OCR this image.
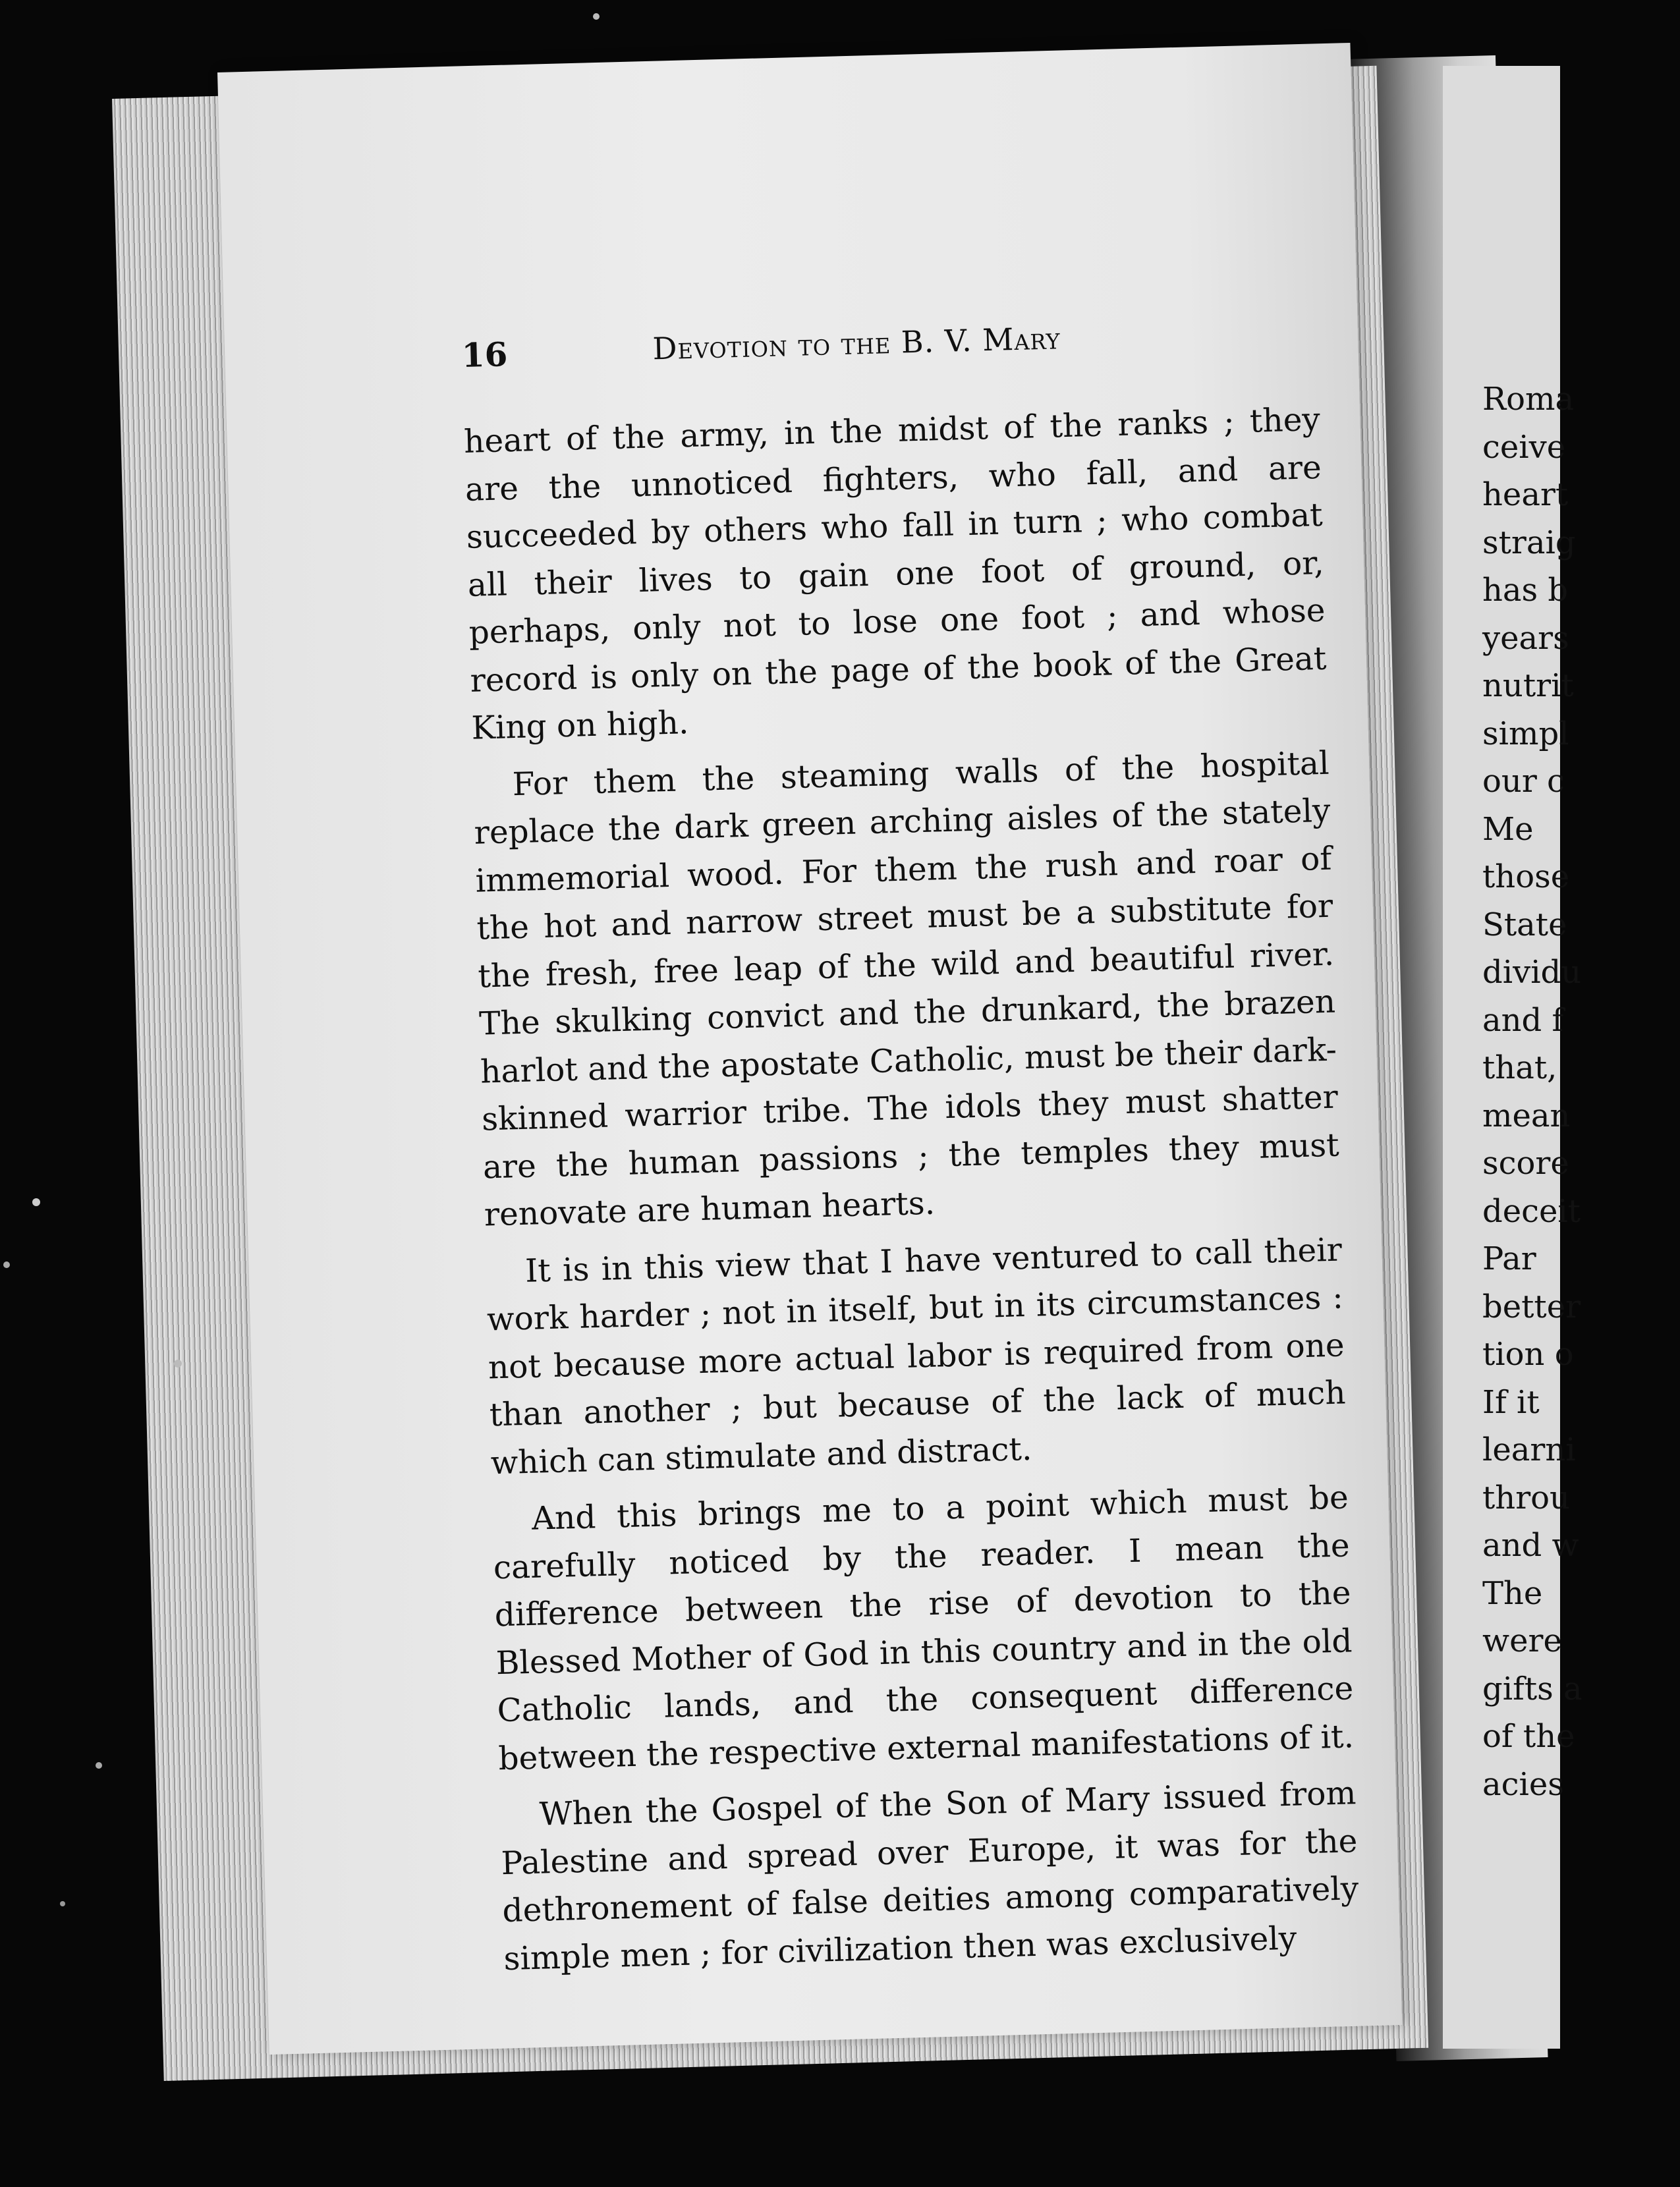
Roma
ceive
heart
straig
has b
years
nutrit
simpl
our c
Me
those
State
dividu
and f
that,
mean
score
deceit
Par
better
tion o
If it
learni
throu
and w
The
were
gifts a
of the
acies
16	Devotion to the B. V. Mary

heart of the army, in the midst of the ranks ; they are the unnoticed fighters, who fall, and are succeeded by others who fall in turn ; who combat all their lives to gain one foot of ground, or, perhaps, only not to lose one foot ; and whose record is only on the page of the book of the Great King on high.

For them the steaming walls of the hospital replace the dark green arching aisles of the stately immemorial wood. For them the rush and roar of the hot and narrow street must be a substitute for the fresh, free leap of the wild and beautiful river. The skulking convict and the drunkard, the brazen harlot and the apostate Catholic, must be their dark-skinned warrior tribe. The idols they must shatter are the human passions ; the temples they must renovate are human hearts.

It is in this view that I have ventured to call their work harder ; not in itself, but in its circumstances : not because more actual labor is required from one than another ; but because of the lack of much which can stimulate and distract.

And this brings me to a point which must be carefully noticed by the reader. I mean the difference between the rise of devotion to the Blessed Mother of God in this country and in the old Catholic lands, and the consequent difference between the respective external manifestations of it.

When the Gospel of the Son of Mary issued from Palestine and spread over Europe, it was for the dethronement of false deities among comparatively simple men ; for civilization then was exclusively
